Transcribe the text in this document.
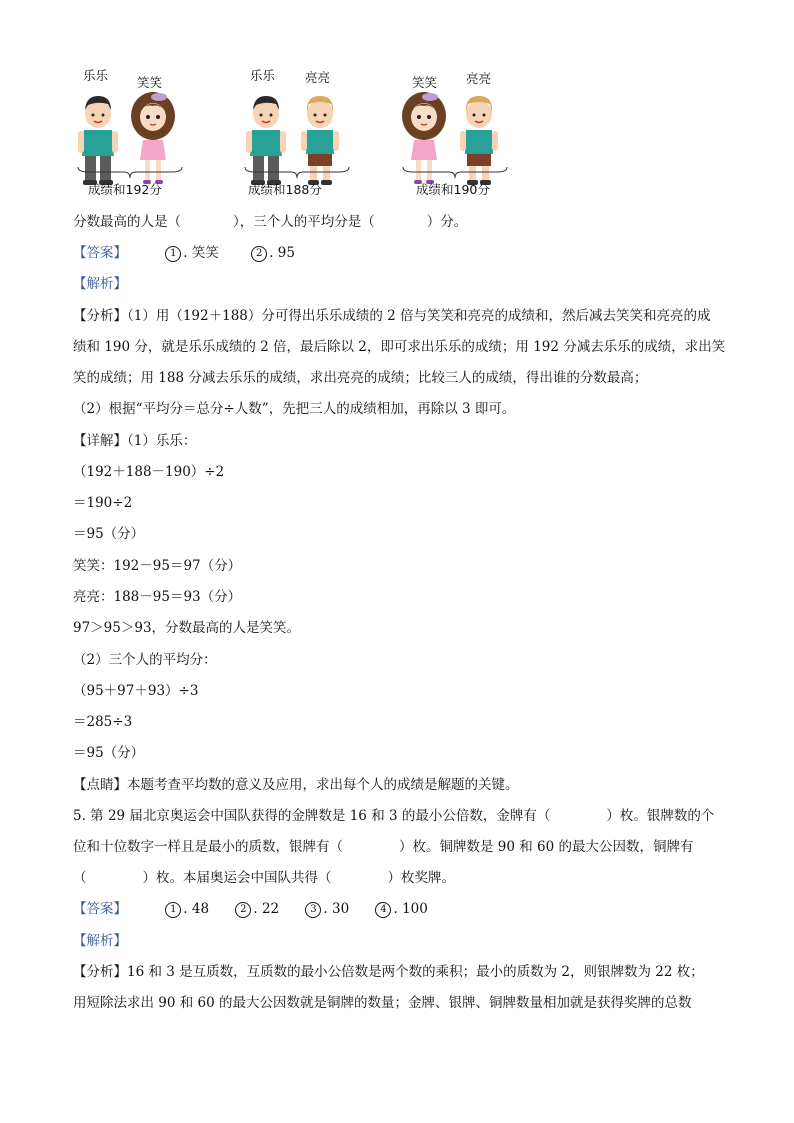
乐乐 笑笑
成绩和192分
乐乐 亮亮
成绩和188分
笑笑 亮亮
成绩和190分
分数最高的人是（	），三个人的平均分是（	）分。
【答案】	1 . 笑笑	2 . 95
【解析】
【分析】（1）用（192＋188）分可得出乐乐成绩的 2 倍与笑笑和亮亮的成绩和，然后减去笑笑和亮亮的成
绩和 190 分，就是乐乐成绩的 2 倍，最后除以 2，即可求出乐乐的成绩；用 192 分减去乐乐的成绩，求出笑
笑的成绩；用 188 分减去乐乐的成绩，求出亮亮的成绩；比较三人的成绩，得出谁的分数最高；
（2）根据“平均分＝总分÷人数”，先把三人的成绩相加，再除以 3 即可。
【详解】（1）乐乐：
（192＋188－190）÷2
＝190÷2
＝95（分）
笑笑：192－95＝97（分）
亮亮：188－95＝93（分）
97＞95＞93，分数最高的人是笑笑。
（2）三个人的平均分：
（95＋97＋93）÷3
＝285÷3
＝95（分）
【点睛】本题考查平均数的意义及应用，求出每个人的成绩是解题的关键。
5. 第 29 届北京奥运会中国队获得的金牌数是 16 和 3 的最小公倍数，金牌有（	）枚。银牌数的个
位和十位数字一样且是最小的质数，银牌有（	）枚。铜牌数是 90 和 60 的最大公因数，铜牌有
（	）枚。本届奥运会中国队共得（	）枚奖牌。
【答案】	1 . 48	2 . 22	3 . 30	4 . 100
【解析】
【分析】16 和 3 是互质数，互质数的最小公倍数是两个数的乘积；最小的质数为 2，则银牌数为 22 枚；
用短除法求出 90 和 60 的最大公因数就是铜牌的数量；金牌、银牌、铜牌数量相加就是获得奖牌的总数
